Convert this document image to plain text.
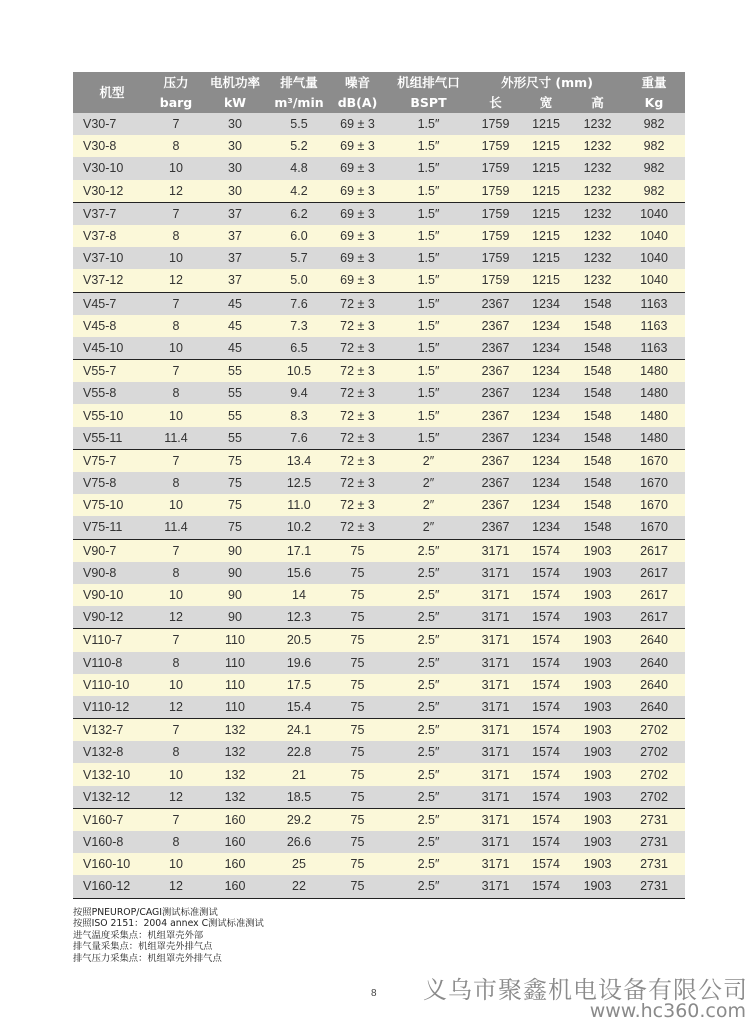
机型	压力	电机功率	排气量	噪音	机组排气口	外形尺寸 (mm)			重量
	barg	kW	m³/min	dB(A)	BSPT	长	宽	高	Kg
V30-7	7	30	5.5	69 ± 3	1.5″	1759	1215	1232	982
V30-8	8	30	5.2	69 ± 3	1.5″	1759	1215	1232	982
V30-10	10	30	4.8	69 ± 3	1.5″	1759	1215	1232	982
V30-12	12	30	4.2	69 ± 3	1.5″	1759	1215	1232	982
V37-7	7	37	6.2	69 ± 3	1.5″	1759	1215	1232	1040
V37-8	8	37	6.0	69 ± 3	1.5″	1759	1215	1232	1040
V37-10	10	37	5.7	69 ± 3	1.5″	1759	1215	1232	1040
V37-12	12	37	5.0	69 ± 3	1.5″	1759	1215	1232	1040
V45-7	7	45	7.6	72 ± 3	1.5″	2367	1234	1548	1163
V45-8	8	45	7.3	72 ± 3	1.5″	2367	1234	1548	1163
V45-10	10	45	6.5	72 ± 3	1.5″	2367	1234	1548	1163
V55-7	7	55	10.5	72 ± 3	1.5″	2367	1234	1548	1480
V55-8	8	55	9.4	72 ± 3	1.5″	2367	1234	1548	1480
V55-10	10	55	8.3	72 ± 3	1.5″	2367	1234	1548	1480
V55-11	11.4	55	7.6	72 ± 3	1.5″	2367	1234	1548	1480
V75-7	7	75	13.4	72 ± 3	2″	2367	1234	1548	1670
V75-8	8	75	12.5	72 ± 3	2″	2367	1234	1548	1670
V75-10	10	75	11.0	72 ± 3	2″	2367	1234	1548	1670
V75-11	11.4	75	10.2	72 ± 3	2″	2367	1234	1548	1670
V90-7	7	90	17.1	75	2.5″	3171	1574	1903	2617
V90-8	8	90	15.6	75	2.5″	3171	1574	1903	2617
V90-10	10	90	14	75	2.5″	3171	1574	1903	2617
V90-12	12	90	12.3	75	2.5″	3171	1574	1903	2617
V110-7	7	110	20.5	75	2.5″	3171	1574	1903	2640
V110-8	8	110	19.6	75	2.5″	3171	1574	1903	2640
V110-10	10	110	17.5	75	2.5″	3171	1574	1903	2640
V110-12	12	110	15.4	75	2.5″	3171	1574	1903	2640
V132-7	7	132	24.1	75	2.5″	3171	1574	1903	2702
V132-8	8	132	22.8	75	2.5″	3171	1574	1903	2702
V132-10	10	132	21	75	2.5″	3171	1574	1903	2702
V132-12	12	132	18.5	75	2.5″	3171	1574	1903	2702
V160-7	7	160	29.2	75	2.5″	3171	1574	1903	2731
V160-8	8	160	26.6	75	2.5″	3171	1574	1903	2731
V160-10	10	160	25	75	2.5″	3171	1574	1903	2731
V160-12	12	160	22	75	2.5″	3171	1574	1903	2731
按照PNEUROP/CAGI测试标准测试
按照ISO 2151：2004 annex C测试标准测试
进气温度采集点：机组罩壳外部
排气量采集点：机组罩壳外排气点
排气压力采集点：机组罩壳外排气点
8 义乌市聚鑫机电设备有限公司
www.hc360.com
